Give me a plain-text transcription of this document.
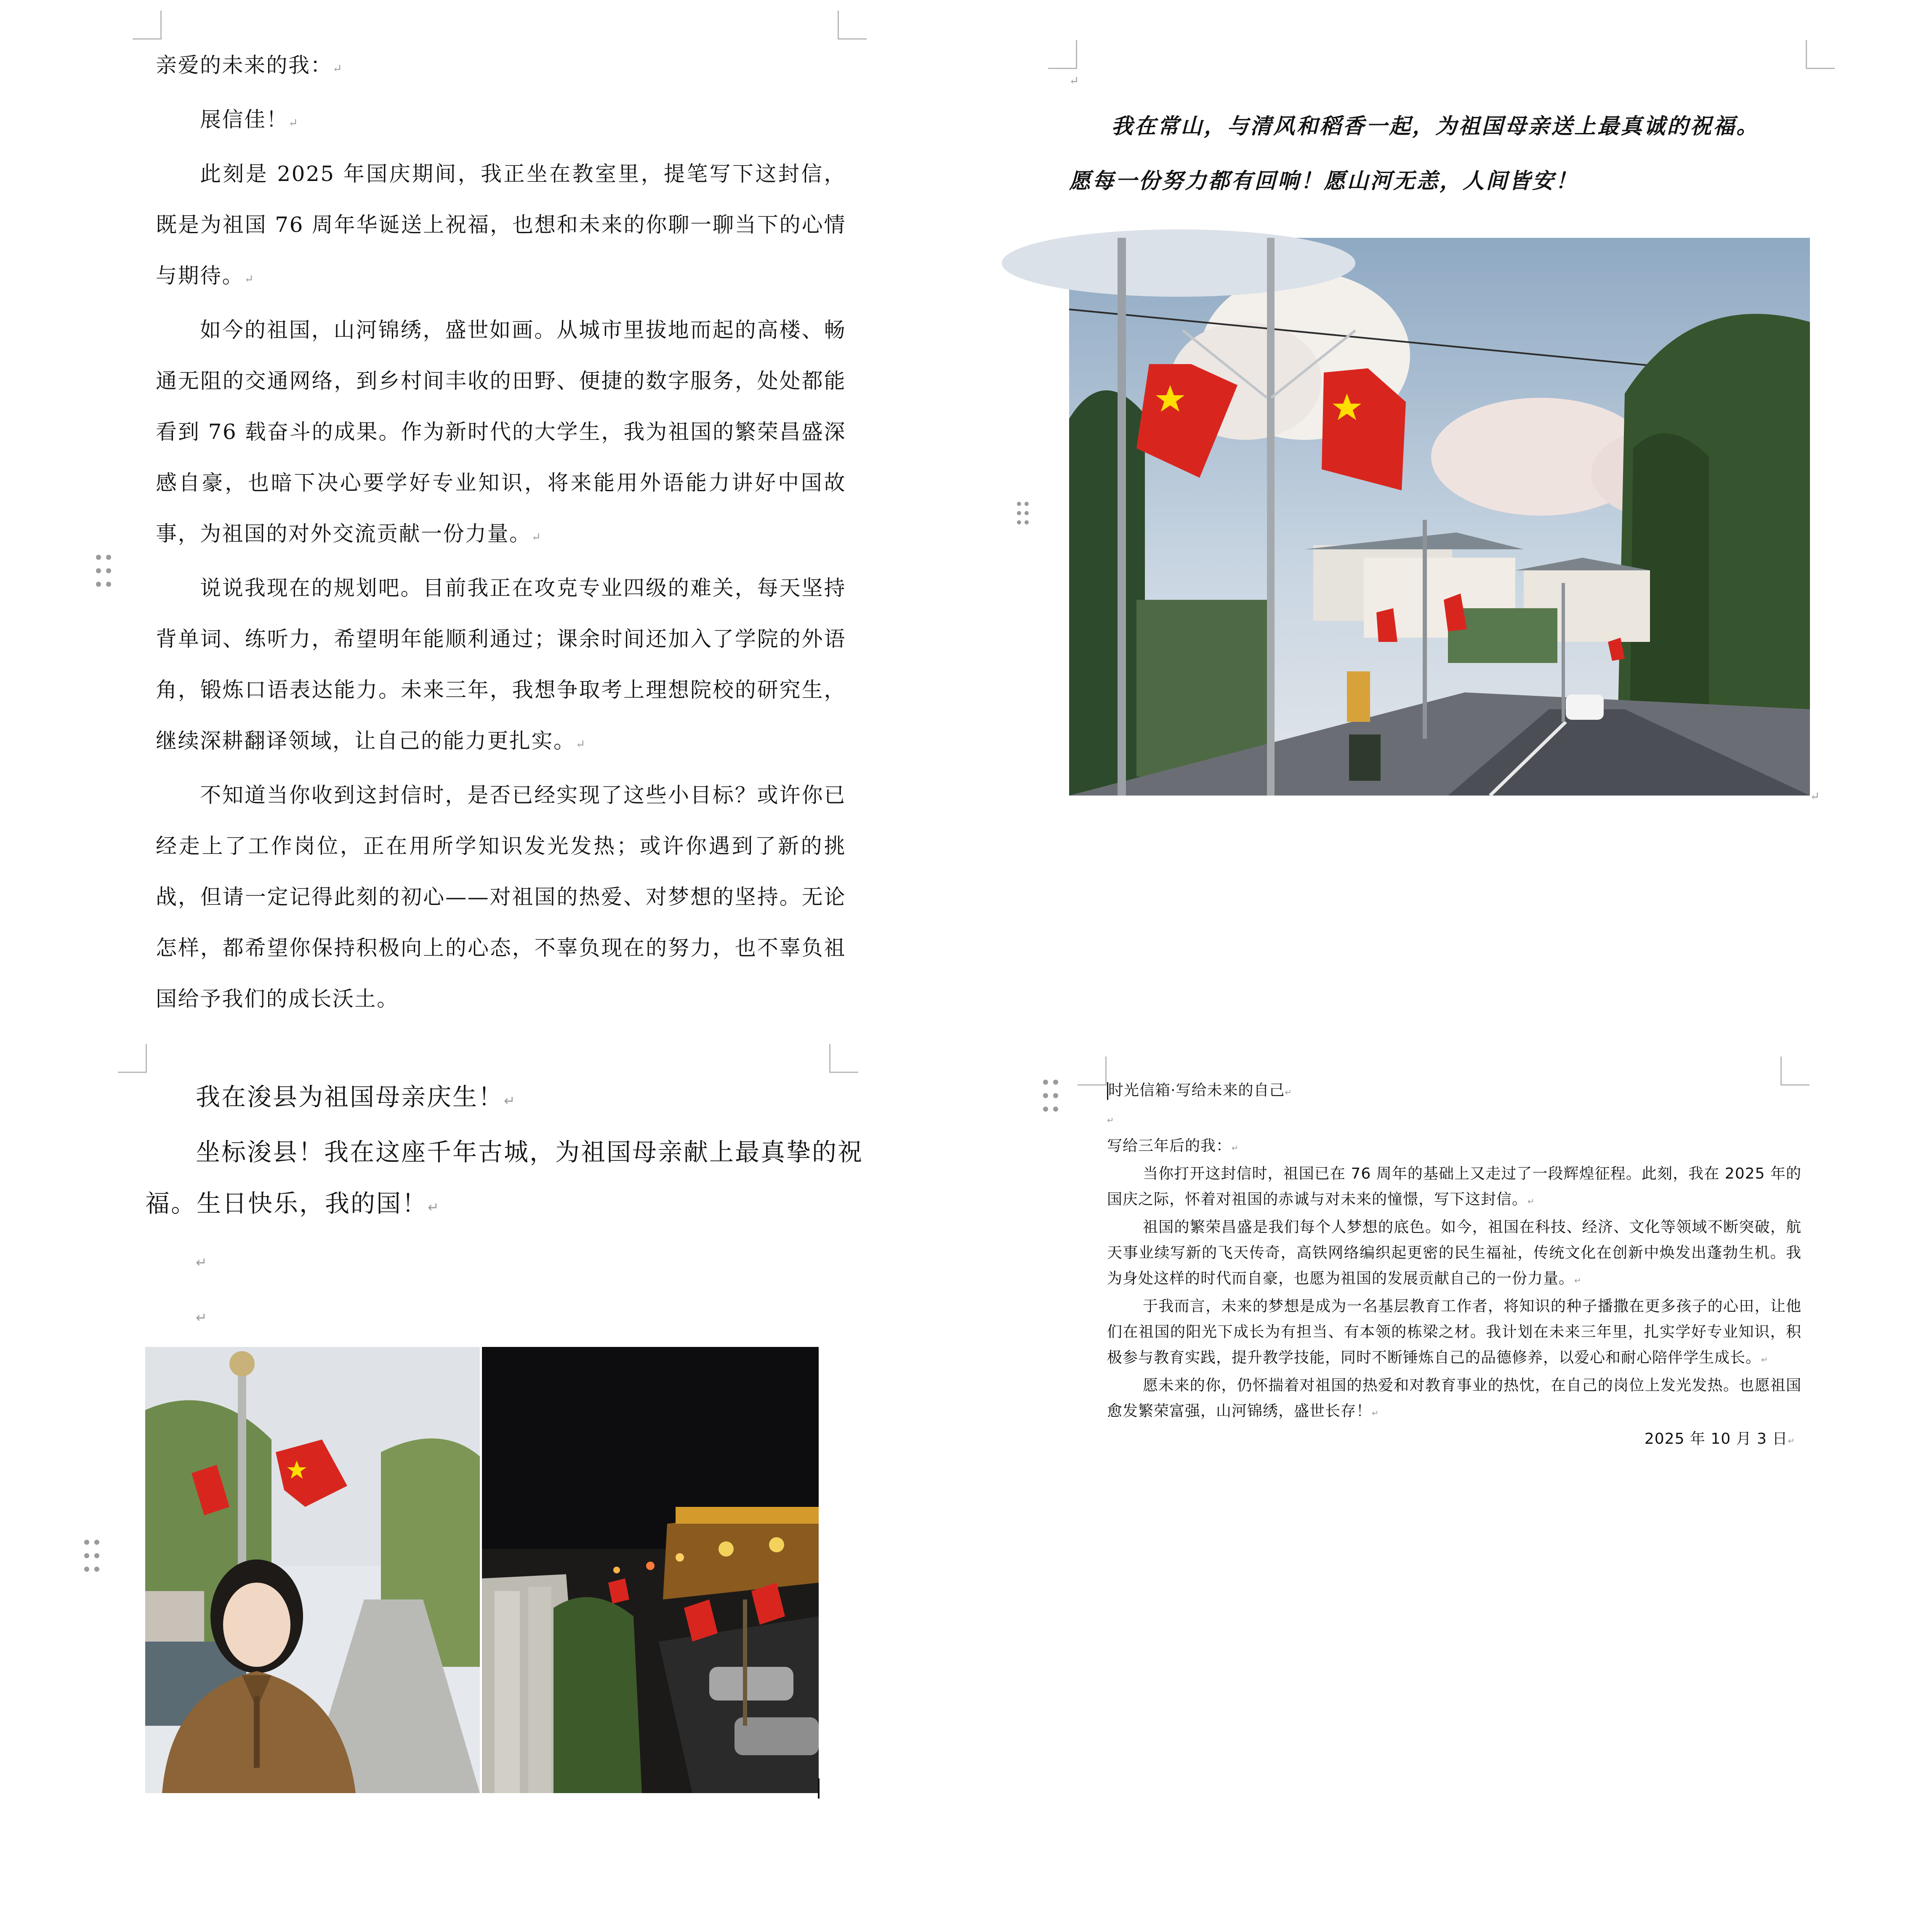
亲爱的未来的我：↵

展信佳！↵

此刻是 2025 年国庆期间，我正坐在教室里，提笔写下这封信，既是为祖国 76 周年华诞送上祝福，也想和未来的你聊一聊当下的心情与期待。↵

如今的祖国，山河锦绣，盛世如画。从城市里拔地而起的高楼、畅通无阻的交通网络，到乡村间丰收的田野、便捷的数字服务，处处都能看到 76 载奋斗的成果。作为新时代的大学生，我为祖国的繁荣昌盛深感自豪，也暗下决心要学好专业知识，将来能用外语能力讲好中国故事，为祖国的对外交流贡献一份力量。↵

说说我现在的规划吧。目前我正在攻克专业四级的难关，每天坚持背单词、练听力，希望明年能顺利通过；课余时间还加入了学院的外语角，锻炼口语表达能力。未来三年，我想争取考上理想院校的研究生，继续深耕翻译领域，让自己的能力更扎实。↵

不知道当你收到这封信时，是否已经实现了这些小目标？或许你已经走上了工作岗位，正在用所学知识发光发热；或许你遇到了新的挑战，但请一定记得此刻的初心——对祖国的热爱、对梦想的坚持。无论怎样，都希望你保持积极向上的心态，不辜负现在的努力，也不辜负祖国给予我们的成长沃土。

↵

我在常山，与清风和稻香一起，为祖国母亲送上最真诚的祝福。

愿每一份努力都有回响！愿山河无恙，人间皆安！

↵

我在浚县为祖国母亲庆生！↵

坐标浚县！我在这座千年古城，为祖国母亲献上最真挚的祝福。生日快乐，我的国！↵

↵

↵

时光信箱·写给未来的自己↵

↵

写给三年后的我：↵

当你打开这封信时，祖国已在 76 周年的基础上又走过了一段辉煌征程。此刻，我在 2025 年的国庆之际，怀着对祖国的赤诚与对未来的憧憬，写下这封信。↵

祖国的繁荣昌盛是我们每个人梦想的底色。如今，祖国在科技、经济、文化等领域不断突破，航天事业续写新的飞天传奇，高铁网络编织起更密的民生福祉，传统文化在创新中焕发出蓬勃生机。我为身处这样的时代而自豪，也愿为祖国的发展贡献自己的一份力量。↵

于我而言，未来的梦想是成为一名基层教育工作者，将知识的种子播撒在更多孩子的心田，让他们在祖国的阳光下成长为有担当、有本领的栋梁之材。我计划在未来三年里，扎实学好专业知识，积极参与教育实践，提升教学技能，同时不断锤炼自己的品德修养，以爱心和耐心陪伴学生成长。↵

愿未来的你，仍怀揣着对祖国的热爱和对教育事业的热忱，在自己的岗位上发光发热。也愿祖国愈发繁荣富强，山河锦绣，盛世长存！↵

2025 年 10 月 3 日↵
